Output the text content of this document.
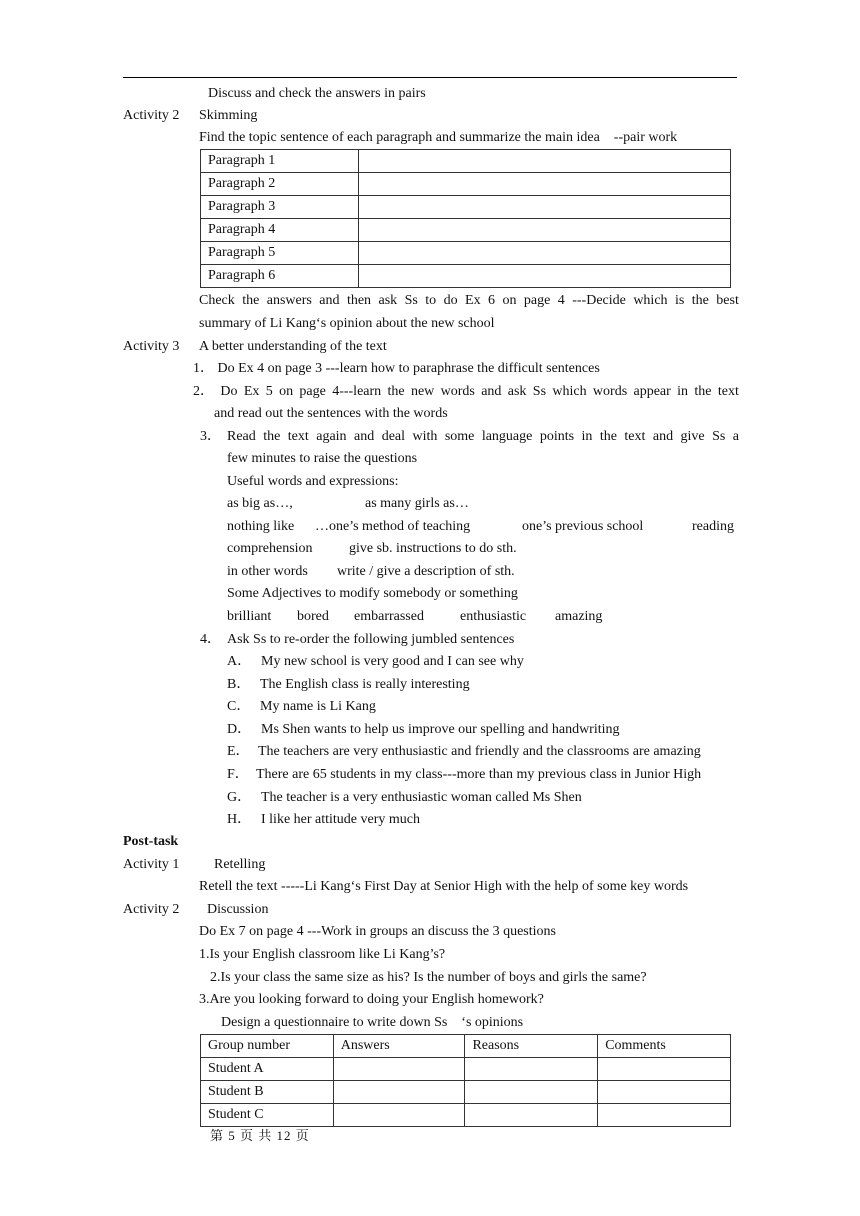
Discuss and check the answers in pairs
Activity 2 Skimming
Find the topic sentence of each paragraph and summarize the main idea    --pair work
Paragraph 1	
Paragraph 2	
Paragraph 3	
Paragraph 4	
Paragraph 5	
Paragraph 6	
Check the answers and then ask Ss to do Ex 6 on page 4 ---Decide which is the best
summary of Li Kang‘s opinion about the new school
Activity 3 A better understanding of the text
1． Do Ex 4 on page 3 ---learn how to paraphrase the difficult sentences
2． Do Ex 5 on page 4---learn the new words and ask Ss which words appear in the text
and read out the sentences with the words
3． Read the text again and deal with some language points in the text and give Ss a
few minutes to raise the questions
Useful words and expressions:
as big as…,	as many girls as…
nothing like …one’s method of teaching	one’s previous school	reading
comprehension	give sb. instructions to do sth.
in other words write / give a description of sth.
Some Adjectives to modify somebody or something
brilliant bored embarrassed	enthusiastic amazing
4． Ask Ss to re-order the following jumbled sentences
A． My new school is very good and I can see why
B． The English class is really interesting
C． My name is Li Kang
D． Ms Shen wants to help us improve our spelling and handwriting
E． The teachers are very enthusiastic and friendly and the classrooms are amazing
F． There are 65 students in my class---more than my previous class in Junior High
G． The teacher is a very enthusiastic woman called Ms Shen
H． I like her attitude very much
Post-task
Activity 1 Retelling
Retell the text -----Li Kang‘s First Day at Senior High with the help of some key words
Activity 2 Discussion
Do Ex 7 on page 4 ---Work in groups an discuss the 3 questions
1.Is your English classroom like Li Kang’s?
2.Is your class the same size as his? Is the number of boys and girls the same?
3.Are you looking forward to doing your English homework?
Design a questionnaire to write down Ss    ‘s opinions
Group number	Answers	Reasons	Comments
Student A			
Student B			
Student C			
第 5 页 共 12 页
